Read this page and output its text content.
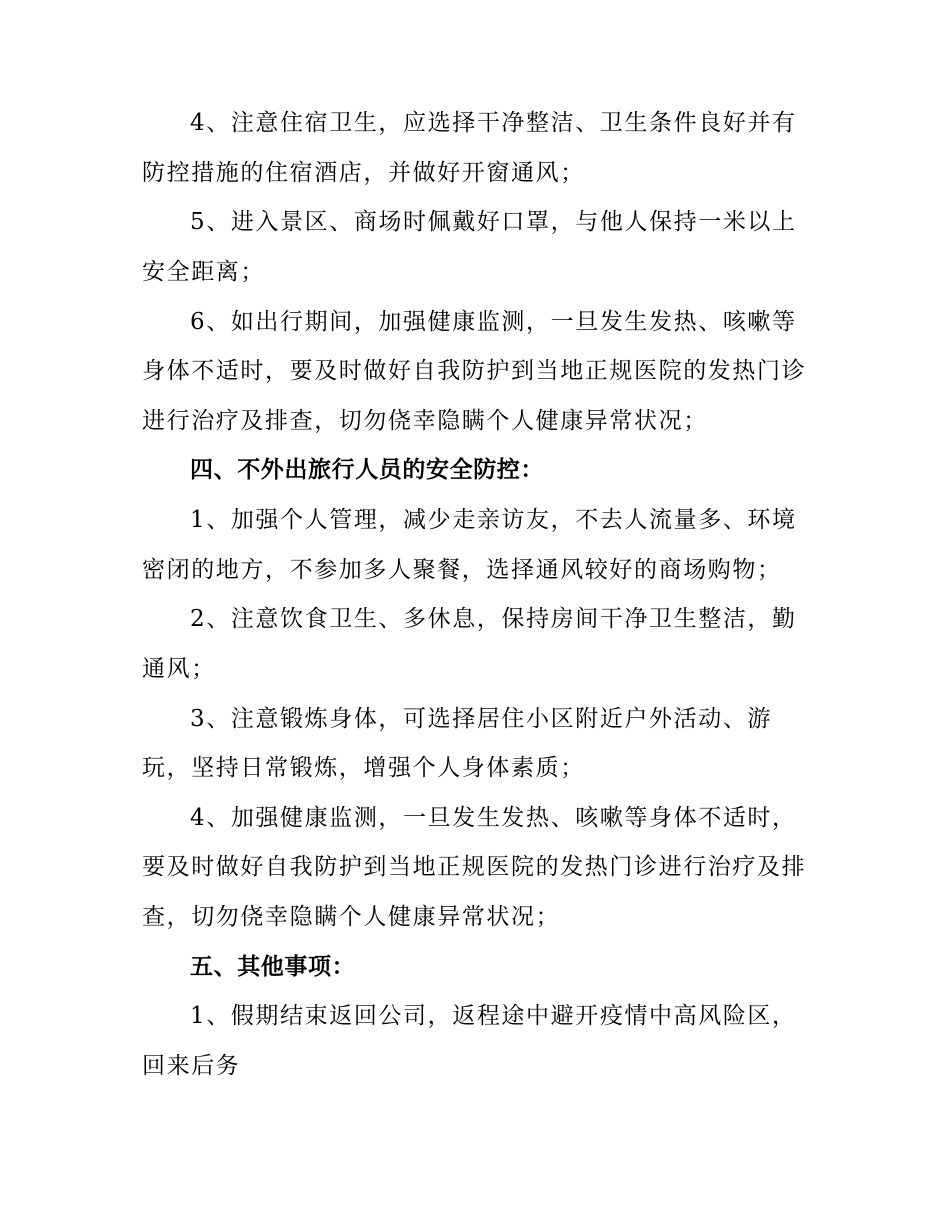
4、注意住宿卫生，应选择干净整洁、卫生条件良好并有

防控措施的住宿酒店，并做好开窗通风；

5、进入景区、商场时佩戴好口罩，与他人保持一米以上

安全距离；

6、如出行期间，加强健康监测，一旦发生发热、咳嗽等

身体不适时，要及时做好自我防护到当地正规医院的发热门诊

进行治疗及排查，切勿侥幸隐瞒个人健康异常状况；

四、不外出旅行人员的安全防控：

1、加强个人管理，减少走亲访友，不去人流量多、环境

密闭的地方，不参加多人聚餐，选择通风较好的商场购物；

2、注意饮食卫生、多休息，保持房间干净卫生整洁，勤

通风；

3、注意锻炼身体，可选择居住小区附近户外活动、游

玩，坚持日常锻炼，增强个人身体素质；

4、加强健康监测，一旦发生发热、咳嗽等身体不适时，

要及时做好自我防护到当地正规医院的发热门诊进行治疗及排

查，切勿侥幸隐瞒个人健康异常状况；

五、其他事项：

1、假期结束返回公司，返程途中避开疫情中高风险区，

回来后务
